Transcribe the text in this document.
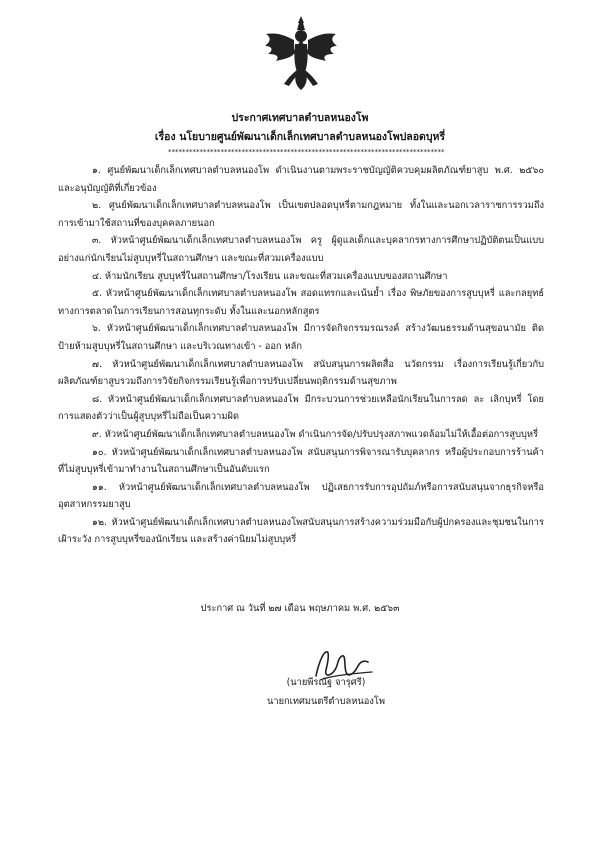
ประกาศเทศบาลตำบลหนองโพ
เรื่อง นโยบายศูนย์พัฒนาเด็กเล็กเทศบาลตำบลหนองโพปลอดบุหรี่
*******************************************************************************

๑. ศูนย์พัฒนาเด็กเล็กเทศบาลตำบลหนองโพ ดำเนินงานตามพระราชบัญญัติควบคุมผลิตภัณฑ์ยาสูบ พ.ศ. ๒๕๖๐ และอนุบัญญัติที่เกี่ยวข้อง

๒. ศูนย์พัฒนาเด็กเล็กเทศบาลตำบลหนองโพ เป็นเขตปลอดบุหรี่ตามกฎหมาย ทั้งในและนอกเวลาราชการรวมถึงการเข้ามาใช้สถานที่ของบุคคลภายนอก

๓. หัวหน้าศูนย์พัฒนาเด็กเล็กเทศบาลตำบลหนองโพ ครู ผู้ดูแลเด็กและบุคลากรทางการศึกษาปฏิบัติตนเป็นแบบอย่างแก่นักเรียนไม่สูบบุหรี่ในสถานศึกษา และขณะที่สวมเครื่องแบบ

๔. ห้ามนักเรียน สูบบุหรี่ในสถานศึกษา/โรงเรียน และขณะที่สวมเครื่องแบบของสถานศึกษา

๕. หัวหน้าศูนย์พัฒนาเด็กเล็กเทศบาลตำบลหนองโพ สอดแทรกและเน้นย้ำ เรื่อง พิษภัยของการสูบบุหรี่ และกลยุทธ์ทางการตลาดในการเรียนการสอนทุกระดับ ทั้งในและนอกหลักสูตร

๖. หัวหน้าศูนย์พัฒนาเด็กเล็กเทศบาลตำบลหนองโพ มีการจัดกิจกรรมรณรงค์ สร้างวัฒนธรรมด้านสุขอนามัย ติดป้ายห้ามสูบบุหรี่ในสถานศึกษา และบริเวณทางเข้า - ออก หลัก

๗. หัวหน้าศูนย์พัฒนาเด็กเล็กเทศบาลตำบลหนองโพ สนับสนุนการผลิตสื่อ นวัตกรรม เรื่องการเรียนรู้เกี่ยวกับผลิตภัณฑ์ยาสูบรวมถึงการวิจัยกิจกรรมเรียนรู้เพื่อการปรับเปลี่ยนพฤติกรรมด้านสุขภาพ

๘. หัวหน้าศูนย์พัฒนาเด็กเล็กเทศบาลตำบลหนองโพ มีกระบวนการช่วยเหลือนักเรียนในการลด ละ เลิกบุหรี่ โดยการแสดงตัวว่าเป็นผู้สูบบุหรี่ไม่ถือเป็นความผิด

๙. หัวหน้าศูนย์พัฒนาเด็กเล็กเทศบาลตำบลหนองโพ ดำเนินการจัด/ปรับปรุงสภาพแวดล้อมไม่ให้เอื้อต่อการสูบบุหรี่

๑๐. หัวหน้าศูนย์พัฒนาเด็กเล็กเทศบาลตำบลหนองโพ สนับสนุนการพิจารณารับบุคลากร หรือผู้ประกอบการร้านค้า ที่ไม่สูบบุหรี่เข้ามาทำงานในสถานศึกษาเป็นอันดับแรก

๑๑. หัวหน้าศูนย์พัฒนาเด็กเล็กเทศบาลตำบลหนองโพ ปฏิเสธการรับการอุปถัมภ์หรือการสนับสนุนจากธุรกิจหรืออุตสาหกรรมยาสูบ

๑๒. หัวหน้าศูนย์พัฒนาเด็กเล็กเทศบาลตำบลหนองโพสนับสนุนการสร้างความร่วมมือกับผู้ปกครองและชุมชนในการเฝ้าระวัง การสูบบุหรี่ของนักเรียน และสร้างค่านิยมไม่สูบบุหรี่

ประกาศ ณ วันที่ ๒๗ เดือน พฤษภาคม พ.ศ. ๒๕๖๓
(นายพีรณัฐ จารุศรี)
นายกเทศมนตรีตำบลหนองโพ
